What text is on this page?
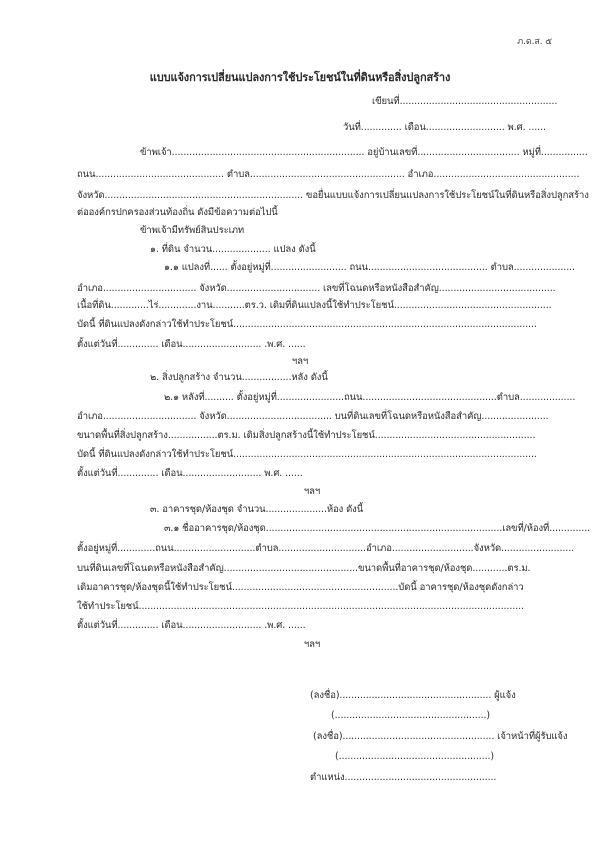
ภ.ด.ส. ๕
แบบแจ้งการเปลี่ยนแปลงการใช้ประโยชน์ในที่ดินหรือสิ่งปลูกสร้าง
เขียนที่......................................................
วันที่.............. เดือน........................... พ.ศ. ......
ข้าพเจ้า.................................................................. อยู่บ้านเลขที่................................... หมู่ที่................
ถนน............................................ ตำบล..................................................... อำเภอ..................................................
จังหวัด.................................................................... ขอยื่นแบบแจ้งการเปลี่ยนแปลงการใช้ประโยชน์ในที่ดินหรือสิ่งปลูกสร้าง
ต่อองค์กรปกครองส่วนท้องถิ่น ดังมีข้อความต่อไปนี้
ข้าพเจ้ามีทรัพย์สินประเภท
๑. ที่ดิน จำนวน.................... แปลง ดังนี้
๑.๑ แปลงที่...... ตั้งอยู่หมู่ที่.......................... ถนน......................................... ตำบล.....................
อำเภอ................................ จังหวัด................................ เลขที่โฉนดหรือหนังสือสำคัญ........................................
เนื้อที่ดิน.............ไร่.............งาน...........ตร.ว. เดิมที่ดินแปลงนี้ใช้ทำประโยชน์......................................................
บัดนี้ ที่ดินแปลงดังกล่าวใช้ทำประโยชน์........................................................................................................
ตั้งแต่วันที่.............. เดือน........................... .พ.ศ. ......
ฯลฯ
๒. สิ่งปลูกสร้าง จำนวน.................หลัง ดังนี้
๒.๑ หลังที่.......... ตั้งอยู่หมู่ที่.......................ถนน..............................................ตำบล...................
อำเภอ................................ จังหวัด.................................... บนที่ดินเลขที่โฉนดหรือหนังสือสำคัญ.......................
ขนาดพื้นที่สิ่งปลูกสร้าง.................ตร.ม. เดิมสิ่งปลูกสร้างนี้ใช้ทำประโยชน์.......................................................
บัดนี้ ที่ดินแปลงดังกล่าวใช้ทำประโยชน์........................................................................................................
ตั้งแต่วันที่.............. เดือน........................... พ.ศ. ......
ฯลฯ
๓. อาคารชุด/ห้องชุด จำนวน.....................ห้อง ดังนี้
๓.๑ ชื่ออาคารชุด/ห้องชุด.................................................................................เลขที่/ห้องที่..............
ตั้งอยู่หมู่ที่.............ถนน............................ตำบล..............................อำเภอ............................จังหวัด.........................
บนที่ดินเลขที่โฉนดหรือหนังสือสำคัญ..............................................ขนาดพื้นที่อาคารชุด/ห้องชุด............ตร.ม.
เดิมอาคารชุด/ห้องชุดนี้ใช้ทำประโยชน์.........................................................บัดนี้ อาคารชุด/ห้องชุดดังกล่าว
ใช้ทำประโยชน์....................................................................................................................................
ตั้งแต่วันที่.............. เดือน........................... .พ.ศ. ......
ฯลฯ
(ลงชื่อ).................................................... ผู้แจ้ง
(....................................................)
(ลงชื่อ).................................................... เจ้าหน้าที่ผู้รับแจ้ง
(....................................................)
ตำแหน่ง....................................................
